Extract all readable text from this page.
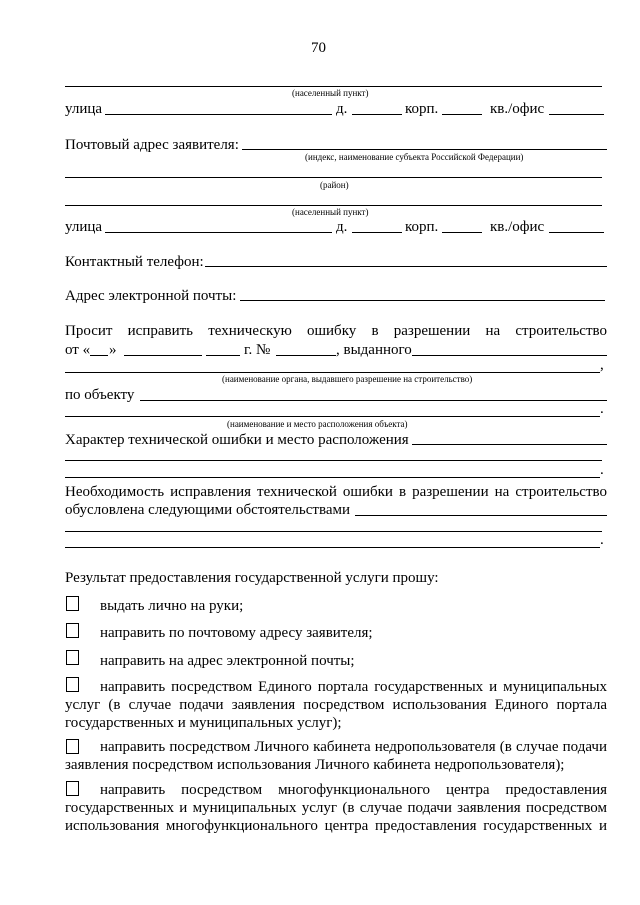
70
(населенный пункт)
улица	д.	корп.	кв./офис
Почтовый адрес заявителя:
(индекс, наименование субъекта Российской Федерации)
(район)
(населенный пункт)
улица	д.	корп.	кв./офис
Контактный телефон:
Адрес электронной почты:
Просит исправить техническую ошибку в разрешении на строительство
от « »	г. №	, выданного
,
(наименование органа, выдавшего разрешение на строительство)
по объекту
.
(наименование и место расположения объекта)
Характер технической ошибки и место расположения
.
Необходимость исправления технической ошибки в разрешении на строительство
обусловлена следующими обстоятельствами
.
Результат предоставления государственной услуги прошу:
выдать лично на руки;
направить по почтовому адресу заявителя;
направить на адрес электронной почты;
направить посредством Единого портала государственных и муниципальных
услуг (в случае подачи заявления посредством использования Единого портала
государственных и муниципальных услуг);
направить посредством Личного кабинета недропользователя (в случае подачи
заявления посредством использования Личного кабинета недропользователя);
направить посредством многофункционального центра предоставления
государственных и муниципальных услуг (в случае подачи заявления посредством
использования многофункционального центра предоставления государственных и
